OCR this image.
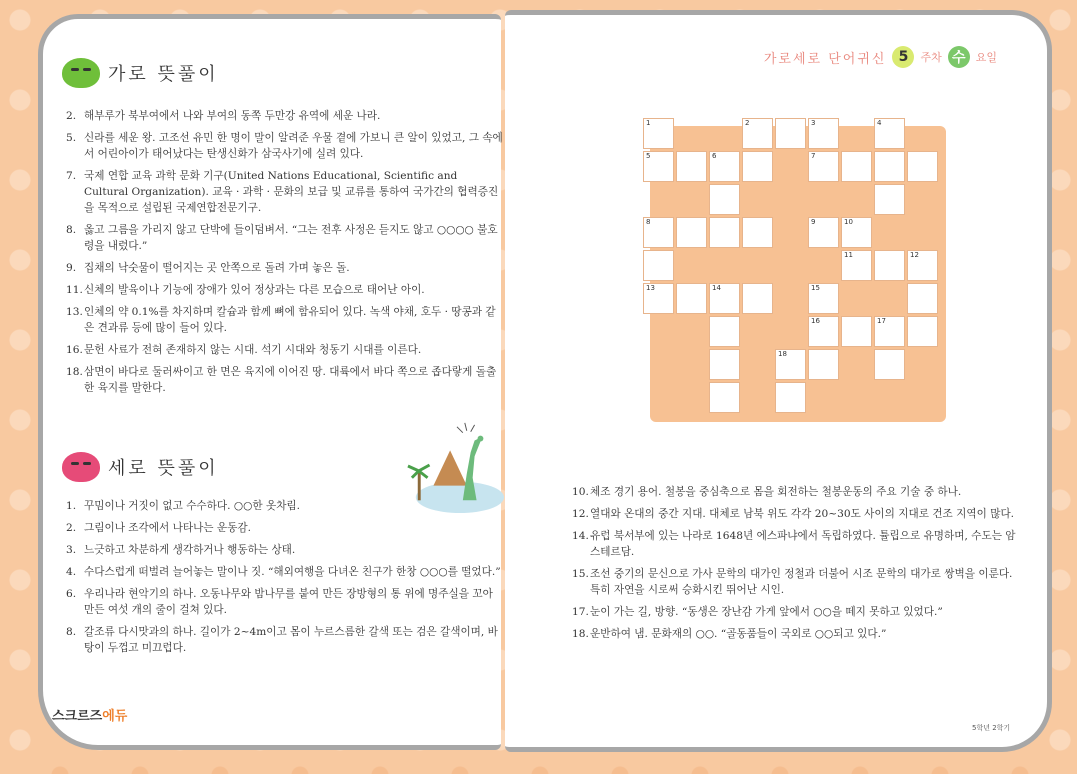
가로세로 단어귀신 5	주차 수 요일
가로 뜻풀이
2. 해부루가 북부여에서 나와 부여의 동쪽 두만강 유역에 세운 나라.
5. 신라를 세운 왕. 고조선 유민 한 명이 말이 알려준 우물 곁에 가보니 큰 알이 있었고, 그 속에서 어린아이가 태어났다는 탄생신화가 삼국사기에 실려 있다.
7. 국제 연합 교육 과학 문화 기구(United Nations Educational, Scientific and Cultural Organization). 교육 · 과학 · 문화의 보급 및 교류를 통하여 국가간의 협력증진을 목적으로 설립된 국제연합전문기구.
8. 옳고 그름을 가리지 않고 단박에 들이덤벼서. “그는 전후 사정은 듣지도 않고 ○○○○ 불호령을 내렸다.”
9. 집채의 낙숫물이 떨어지는 곳 안쪽으로 돌려 가며 놓은 돌.
11. 신체의 발육이나 기능에 장애가 있어 정상과는 다른 모습으로 태어난 아이.
13. 인체의 약 0.1%를 차지하며 칼슘과 함께 뼈에 함유되어 있다. 녹색 야채, 호두 · 땅콩과 같은 견과류 등에 많이 들어 있다.
16. 문헌 사료가 전혀 존재하지 않는 시대. 석기 시대와 청동기 시대를 이른다.
18. 삼면이 바다로 둘러싸이고 한 면은 육지에 이어진 땅. 대륙에서 바다 쪽으로 좁다랗게 돌출한 육지를 말한다.
세로 뜻풀이
1. 꾸밈이나 거짓이 없고 수수하다. ○○한 옷차림.
2. 그림이나 조각에서 나타나는 운동감.
3. 느긋하고 차분하게 생각하거나 행동하는 상태.
4. 수다스럽게 떠벌려 늘어놓는 말이나 짓. “해외여행을 다녀온 친구가 한창 ○○○를 떨었다.”
6. 우리나라 현악기의 하나. 오동나무와 밤나무를 붙여 만든 장방형의 통 위에 명주실을 꼬아 만든 여섯 개의 줄이 걸쳐 있다.
8. 갈조류 다시맛과의 하나. 길이가 2~4m이고 몸이 누르스름한 갈색 또는 검은 갈색이며, 바탕이 두껍고 미끄럽다.
1	2	3	4
5	6	7
8	9	10
11	12
13	14	15
16	17
18
10. 체조 경기 용어. 철봉을 중심축으로 몸을 회전하는 철봉운동의 주요 기술 중 하나.
12. 열대와 온대의 중간 지대. 대체로 남북 위도 각각 20~30도 사이의 지대로 건조 지역이 많다.
14. 유럽 북서부에 있는 나라로 1648년 에스파냐에서 독립하였다. 튤립으로 유명하며, 수도는 암스테르담.
15. 조선 중기의 문신으로 가사 문학의 대가인 정철과 더불어 시조 문학의 대가로 쌍벽을 이룬다. 특히 자연을 시로써 승화시킨 뛰어난 시인.
17. 눈이 가는 길, 방향. “동생은 장난감 가게 앞에서 ○○을 떼지 못하고 있었다.”
18. 운반하여 냄. 문화재의 ○○. “골동품들이 국외로 ○○되고 있다.”
스크르즈에듀
5학년 2학기
